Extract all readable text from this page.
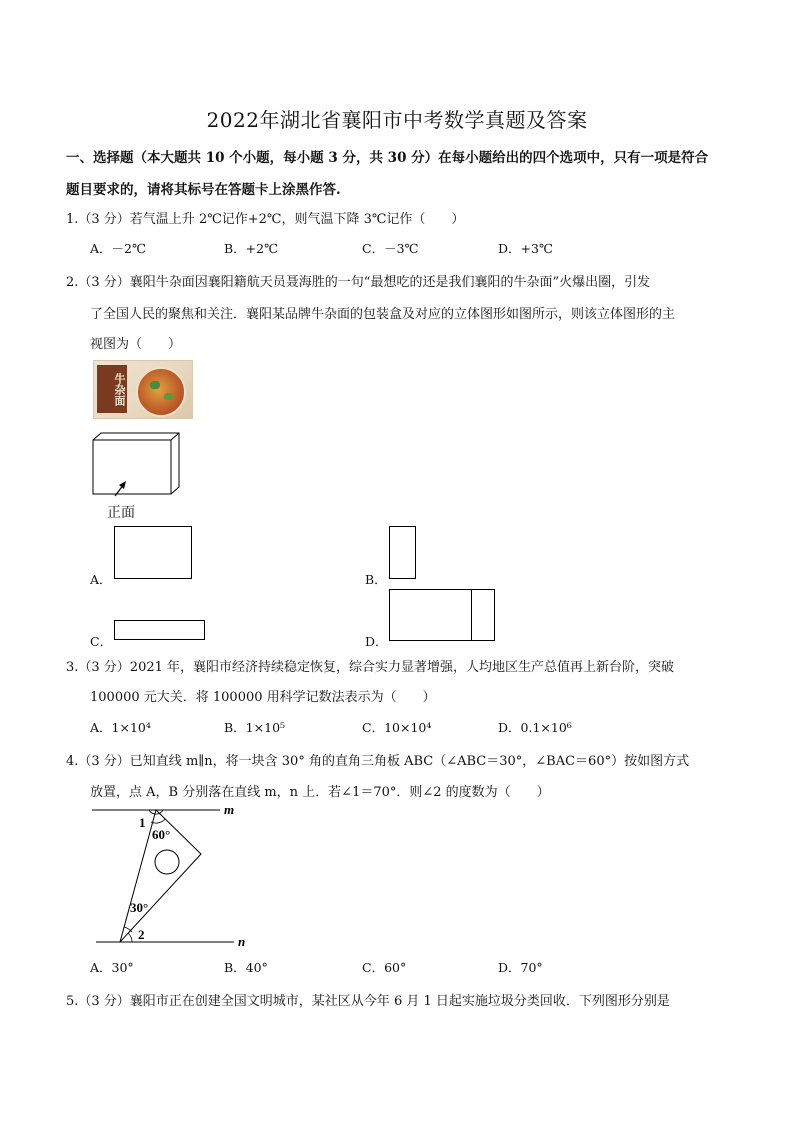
2022年湖北省襄阳市中考数学真题及答案
一、选择题（本大题共 10 个小题，每小题 3 分，共 30 分）在每小题给出的四个选项中，只有一项是符合
题目要求的，请将其标号在答题卡上涂黑作答.
1.（3 分）若气温上升 2℃记作+2℃，则气温下降 3℃记作（　　）
A．－2℃	B．+2℃	C．－3℃	D．+3℃
2.（3 分）襄阳牛杂面因襄阳籍航天员聂海胜的一句“最想吃的还是我们襄阳的牛杂面”火爆出圈，引发
了全国人民的聚焦和关注．襄阳某品牌牛杂面的包装盒及对应的立体图形如图所示，则该立体图形的主
视图为（　　）
牛杂面
正面
A．	B．
C．	D．
3.（3 分）2021 年，襄阳市经济持续稳定恢复，综合实力显著增强，人均地区生产总值再上新台阶，突破
100000 元大关．将 100000 用科学记数法表示为（　　）
A．1×10⁴	B．1×10⁵	C．10×10⁴	D．0.1×10⁶
4.（3 分）已知直线 m∥n，将一块含 30° 角的直角三角板 ABC（∠ABC＝30°，∠BAC＝60°）按如图方式
放置，点 A，B 分别落在直线 m，n 上．若∠1＝70°．则∠2 的度数为（　　）
m
n
1
60°
30°
2
A．30°	B．40°	C．60°	D．70°
5.（3 分）襄阳市正在创建全国文明城市，某社区从今年 6 月 1 日起实施垃圾分类回收．下列图形分别是
